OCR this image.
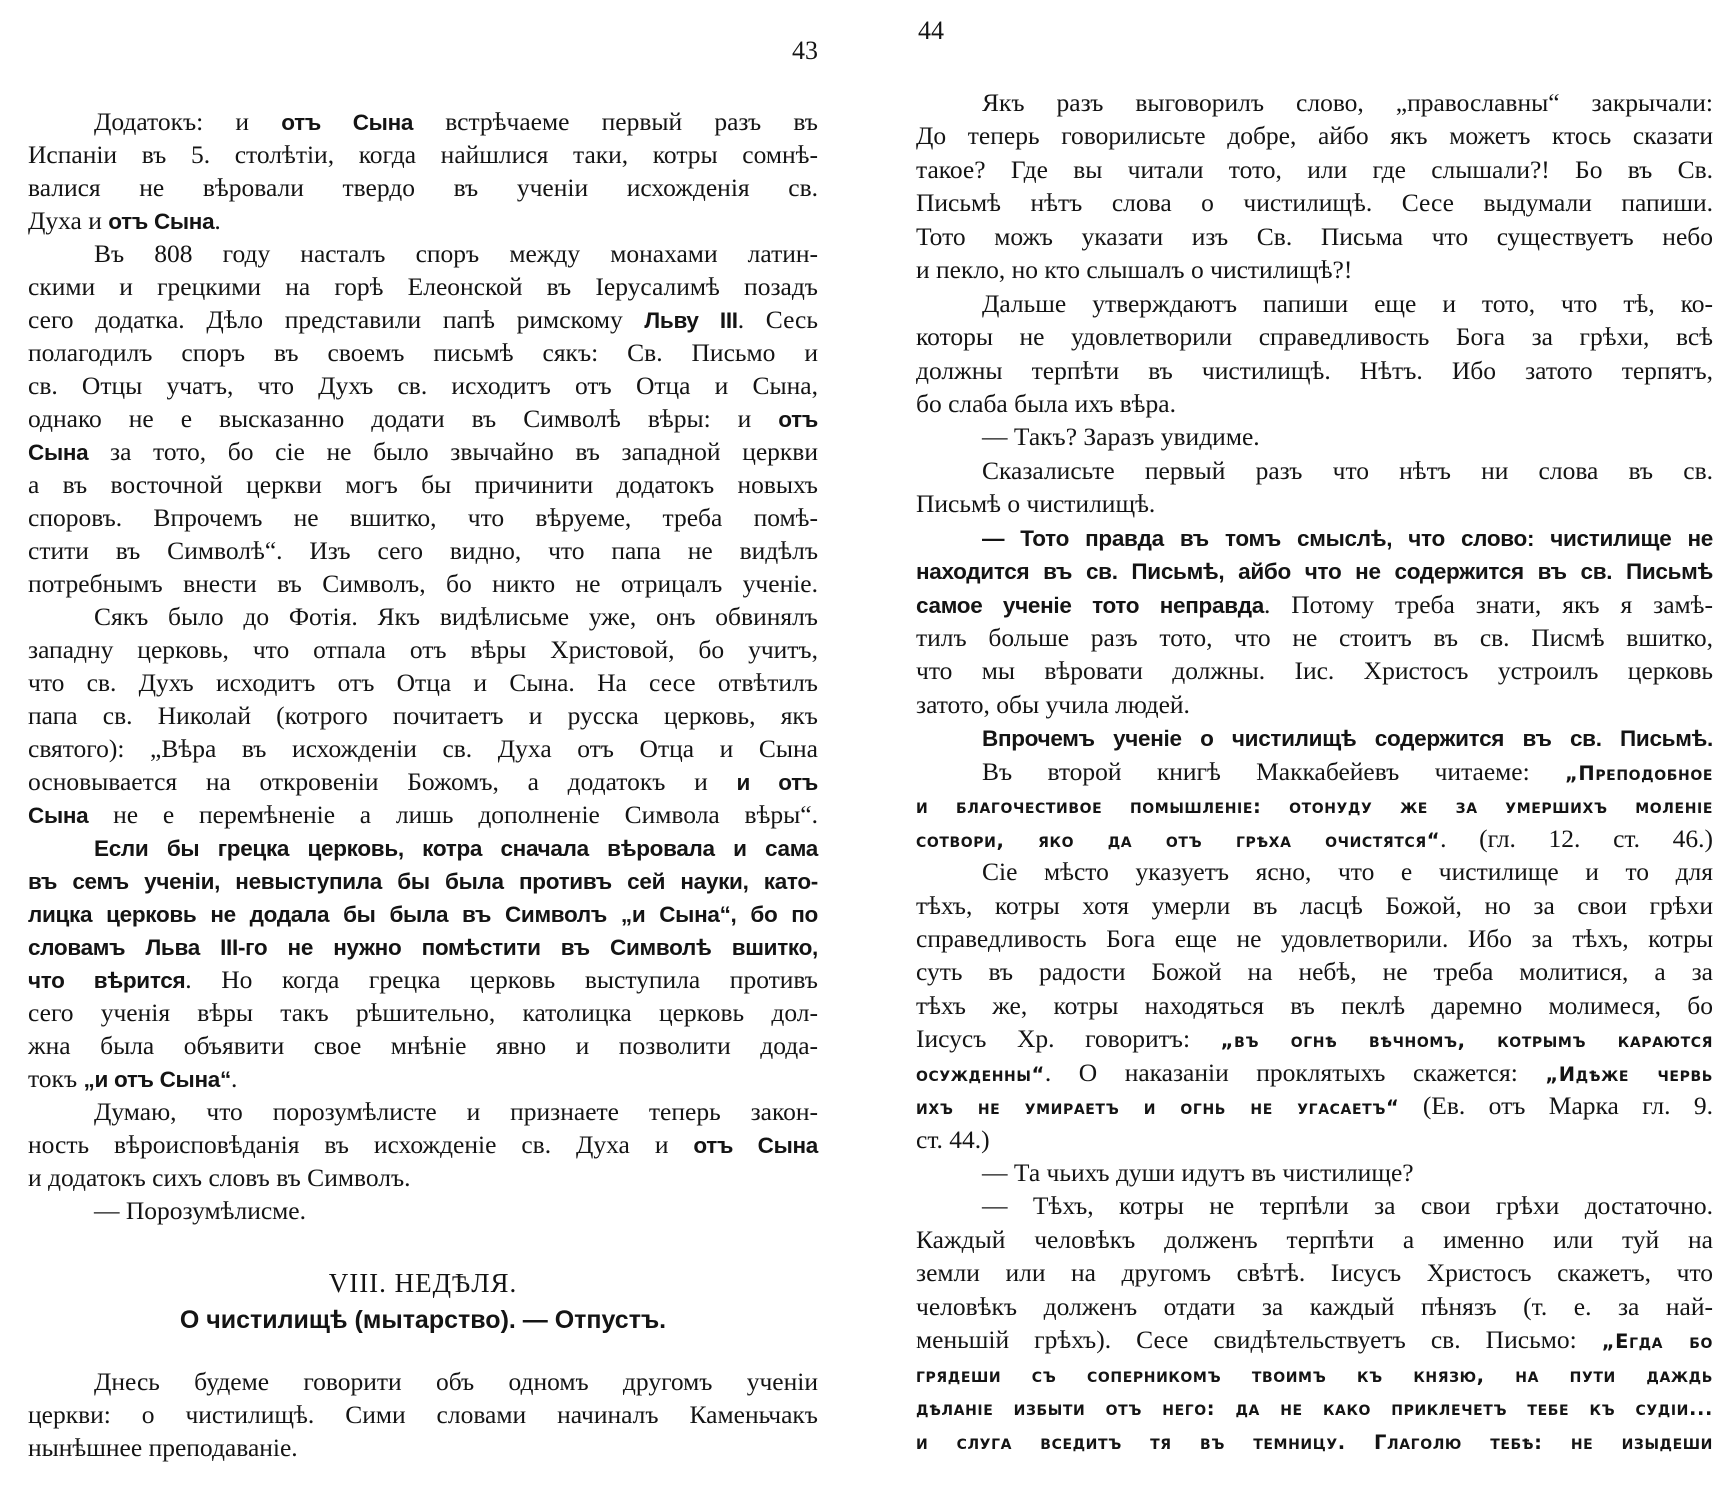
43
Додатокъ: и отъ Сына встрѣчаеме первый разъ въ
Испаніи въ 5. столѣтіи, когда найшлися таки, котры сомнѣ-
валися не вѣровали твердо въ ученіи исхожденія св.
Духа и отъ Сына.
Въ 808 году насталъ споръ между монахами латин-
скими и грецкими на горѣ Елеонской въ Іерусалимѣ позадъ
сего додатка. Дѣло представили папѣ римскому Льву III. Сесь
полагодилъ споръ въ своемъ письмѣ сякъ: Св. Письмо и
св. Отцы учатъ, что Духъ св. исходитъ отъ Отца и Сына,
однако не е высказанно додати въ Символѣ вѣры: и отъ
Сына за тото, бо сіе не было звычайно въ западной церкви
а въ восточной церкви могъ бы причинити додатокъ новыхъ
споровъ. Впрочемъ не вшитко, что вѣруеме, треба помѣ-
стити въ Символѣ“. Изъ сего видно, что папа не видѣлъ
потребнымъ внести въ Символъ, бо никто не отрицалъ ученіе.
Сякъ было до Фотія. Якъ видѣлисьме уже, онъ обвинялъ
западну церковь, что отпала отъ вѣры Христовой, бо учитъ,
что св. Духъ исходитъ отъ Отца и Сына. На сесе отвѣтилъ
папа св. Николай (котрого почитаетъ и русска церковь, якъ
святого): „Вѣра въ исхожденіи св. Духа отъ Отца и Сына
основывается на откровеніи Божомъ, а додатокъ и и отъ
Сына не е перемѣненіе а лишь дополненіе Символа вѣры“.
Если бы грецка церковь, котра сначала вѣровала и сама
въ семъ ученіи, невыступила бы была противъ сей науки, като-
лицка церковь не додала бы была въ Символъ „и Сына“, бо по
словамъ Льва III-го не нужно помѣстити въ Символѣ вшитко,
что вѣрится. Но когда грецка церковь выступила противъ
сего ученія вѣры такъ рѣшительно, католицка церковь дол-
жна была объявити свое мнѣніе явно и позволити дода-
токъ „и отъ Сына“.
Думаю, что порозумѣлисте и признаете теперь закон-
ность вѣроисповѣданія въ исхожденіе св. Духа и отъ Сына
и додатокъ сихъ словъ въ Символъ.
— Порозумѣлисме.
VIII. НЕДѢЛЯ.
О чистилищѣ (мытарство). — Отпустъ.
Днесь будеме говорити объ одномъ другомъ ученіи
церкви: о чистилищѣ. Сими словами начиналъ Каменьчакъ
нынѣшнее преподаваніе.
44
Якъ разъ выговорилъ слово, „православны“ закрычали:
До теперь говорилисьте добре, айбо якъ можетъ ктось сказати
такое? Где вы читали тото, или где слышали?! Бо въ Св.
Письмѣ нѣтъ слова о чистилищѣ. Сесе выдумали папиши.
Тото можъ указати изъ Св. Письма что существуетъ небо
и пекло, но кто слышалъ о чистилищѣ?!
Дальше утверждаютъ папиши еще и тото, что тѣ, ко-
которы не удовлетворили справедливость Бога за грѣхи, всѣ
должны терпѣти въ чистилищѣ. Нѣтъ. Ибо затото терпятъ,
бо слаба была ихъ вѣра.
— Такъ? Заразъ увидиме.
Сказалисьте первый разъ что нѣтъ ни слова въ св.
Письмѣ о чистилищѣ.
— Тото правда въ томъ смыслѣ, что слово: чистилище не
находится въ св. Письмѣ, айбо что не содержится въ св. Письмѣ
самое ученіе тото неправда. Потому треба знати, якъ я замѣ-
тилъ больше разъ тото, что не стоитъ въ св. Писмѣ вшитко,
что мы вѣровати должны. Іис. Христосъ устроилъ церковь
затото, обы учила людей.
Впрочемъ ученіе о чистилищѣ содержится въ св. Письмѣ.
Въ второй книгѣ Маккабейевъ читаеме: „Преподобное
и благочестивое помышленіе: отонуду же за умершихъ моленіе
сотвори, яко да отъ грѣха очистятся“. (гл. 12. ст. 46.)
Сіе мѣсто указуетъ ясно, что е чистилище и то для
тѣхъ, котры хотя умерли въ ласцѣ Божой, но за свои грѣхи
справедливость Бога еще не удовлетворили. Ибо за тѣхъ, котры
суть въ радости Божой на небѣ, не треба молитися, а за
тѣхъ же, котры находяться въ пеклѣ даремно молимеся, бо
Іисусъ Хр. говоритъ: „въ огнѣ вѣчномъ, котрымъ караются
осужденны“. О наказаніи проклятыхъ скажется: „Идѣже червь
ихъ не умираетъ и огнь не угасаетъ“ (Ев. отъ Марка гл. 9.
ст. 44.)
— Та чьихъ души идутъ въ чистилище?
— Тѣхъ, котры не терпѣли за свои грѣхи достаточно.
Каждый человѣкъ долженъ терпѣти а именно или туй на
земли или на другомъ свѣтѣ. Іисусъ Христосъ скажетъ, что
человѣкъ долженъ отдати за каждый пѣнязъ (т. е. за най-
меньшій грѣхъ). Сесе свидѣтельствуетъ св. Письмо: „Егда бо
грядеши съ соперникомъ твоимъ къ князю, на пути даждь
дѣланіе избыти отъ него: да не како приклечетъ тебе къ судіи...
и слуга вседитъ тя въ темницу. Глаголю тебѣ: не изыдеши
